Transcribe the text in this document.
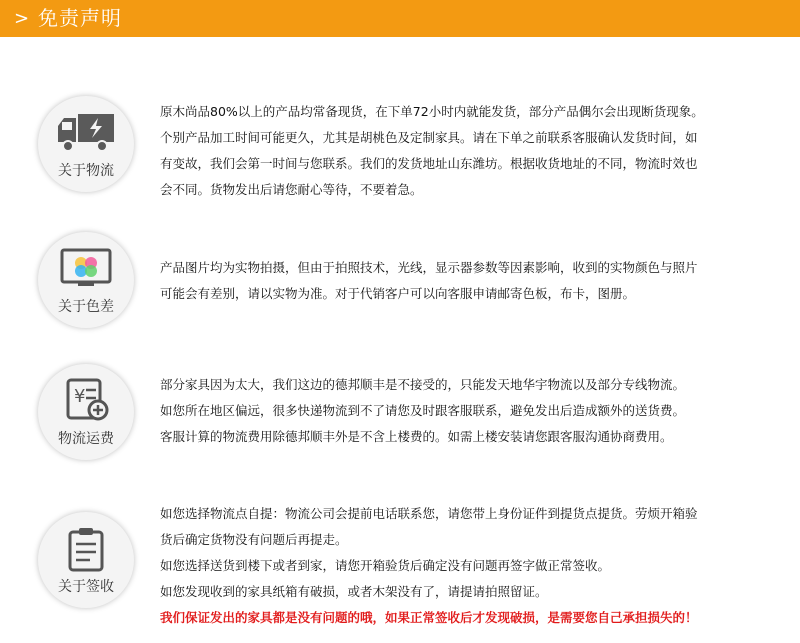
> 免责声明
关于物流

原木尚品80%以上的产品均常备现货，在下单72小时内就能发货，部分产品偶尔会出现断货现象。

个别产品加工时间可能更久，尤其是胡桃色及定制家具。请在下单之前联系客服确认发货时间，如

有变故，我们会第一时间与您联系。我们的发货地址山东潍坊。根据收货地址的不同，物流时效也

会不同。货物发出后请您耐心等待，不要着急。

关于色差

产品图片均为实物拍摄，但由于拍照技术，光线，显示器参数等因素影响，收到的实物颜色与照片

可能会有差别，请以实物为准。对于代销客户可以向客服申请邮寄色板，布卡，图册。

¥
物流运费

部分家具因为太大，我们这边的德邦顺丰是不接受的，只能发天地华宇物流以及部分专线物流。

如您所在地区偏远，很多快递物流到不了请您及时跟客服联系，避免发出后造成额外的送货费。

客服计算的物流费用除德邦顺丰外是不含上楼费的。如需上楼安装请您跟客服沟通协商费用。

关于签收

如您选择物流点自提：物流公司会提前电话联系您，请您带上身份证件到提货点提货。劳烦开箱验

货后确定货物没有问题后再提走。

如您选择送货到楼下或者到家，请您开箱验货后确定没有问题再签字做正常签收。

如您发现收到的家具纸箱有破损，或者木架没有了，请提请拍照留证。

我们保证发出的家具都是没有问题的哦，如果正常签收后才发现破损，是需要您自己承担损失的！
